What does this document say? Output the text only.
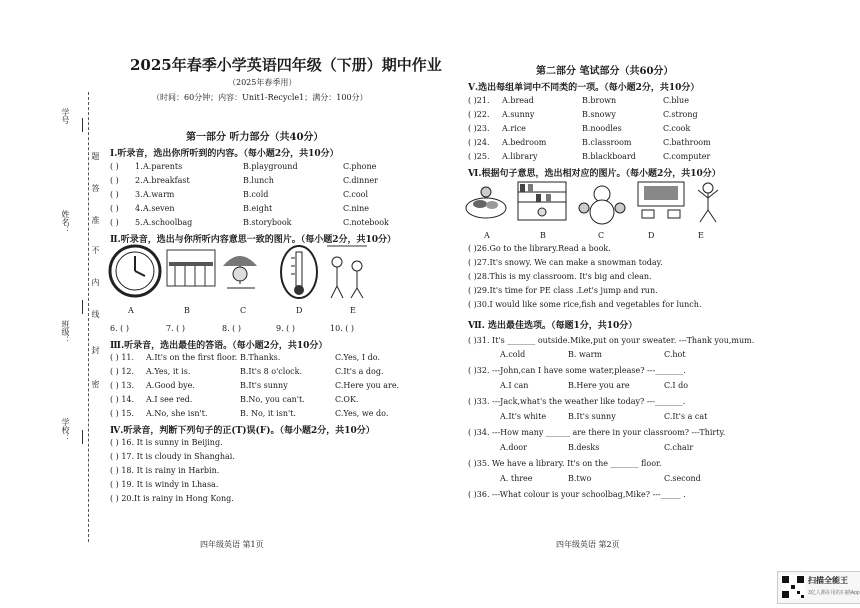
学号
姓名：
班级：
学校：
题
答
准
不
内
线
封
密
2025年春季小学英语四年级（下册）期中作业
（2025年春季用）
（时间：60分钟；内容：Unit1-Recycle1；满分：100分）
第一部分 听力部分（共40分）
Ⅰ.听录音，选出你所听到的内容。（每小题2分，共10分）
( ) 1. A.parents	B.playground	C.phone
( ) 2. A.breakfast	B.lunch	C.dinner
( ) 3. A.warm	B.cold	C.cool
( ) 4. A.seven	B.eight	C.nine
( ) 5. A.schoolbag	B.storybook	C.notebook
Ⅱ.听录音，选出与你所听内容意思一致的图片。（每小题2分，共10分）
A	B	C	D	E
6. ( )	7. ( )	8. ( )	9. ( )	10. ( )
Ⅲ.听录音，选出最佳的答语。（每小题2分，共10分）
( ) 11. A.It's on the first floor. B.Thanks.	C.Yes, I do.
( ) 12. A.Yes, it is.	B.It's 8 o'clock.	C.It's a dog.
( ) 13. A.Good bye.	B.It's sunny	C.Here you are.
( ) 14. A.I see red.	B.No, you can't.	C.OK.
( ) 15. A.No, she isn't.	B. No, it isn't.	C.Yes, we do.
Ⅳ.听录音，判断下列句子的正(T)误(F)。（每小题2分，共10分）
( ) 16. It is sunny in Beijing.
( ) 17. It is cloudy in Shanghai.
( ) 18. It is rainy in Harbin.
( ) 19. It is windy in Lhasa.
( ) 20.It is rainy in Hong Kong.
四年级英语 第1页
第二部分 笔试部分（共60分）
Ⅴ.选出每组单词中不同类的一项。（每小题2分，共10分）
( )21. A.bread	B.brown	C.blue
( )22. A.sunny	B.snowy	C.strong
( )23. A.rice	B.noodles	C.cook
( )24. A.bedroom	B.classroom	C.bathroom
( )25. A.library	B.blackboard	C.computer
Ⅵ.根据句子意思，选出相对应的图片。（每小题2分，共10分）
A	B	C	D	E
( )26.Go to the library.Read a book.
( )27.It's snowy. We can make a snowman today.
( )28.This is my classroom. It's big and clean.
( )29.It's time for PE class .Let's jump and run.
( )30.I would like some rice,fish and vegetables for lunch.
Ⅶ. 选出最佳选项。（每题1分，共10分）
( )31. It's _______ outside.Mike,put on your sweater. ---Thank you,mum.
A.cold	B. warm	C.hot
( )32. ---John,can I have some water,please? ---_______.
A.I can	B.Here you are	C.I do
( )33. ---Jack,what's the weather like today? ---_______.
A.It's white	B.It's sunny	C.It's a cat
( )34. ---How many ______ are there in your classroom? ---Thirty.
A.door	B.desks	C.chair
( )35. We have a library. It's on the _______ floor.
A. three	B.two	C.second
( )36. ---What colour is your schoolbag,Mike? ---_____ .
四年级英语 第2页
扫描全能王
3亿人都在用的扫描App
